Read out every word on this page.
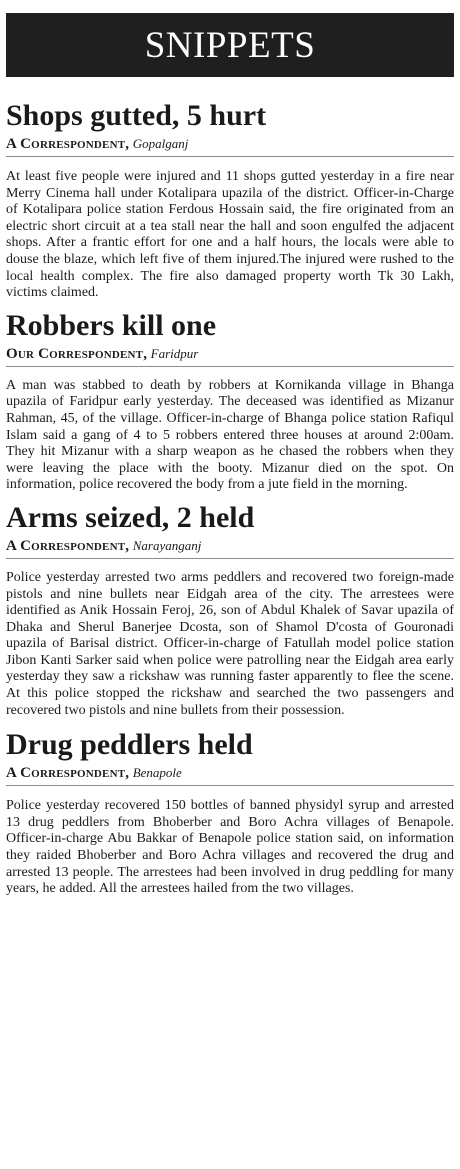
SNIPPETS
Shops gutted, 5 hurt

A Correspondent, Gopalganj

At least five people were injured and 11 shops gutted yesterday in a fire near Merry Cinema hall under Kotalipara upazila of the district. Officer-in-Charge of Kotalipara police station Ferdous Hossain said, the fire originated from an electric short circuit at a tea stall near the hall and soon engulfed the adjacent shops. After a frantic effort for one and a half hours, the locals were able to douse the blaze, which left five of them injured.The injured were rushed to the local health complex. The fire also damaged property worth Tk 30 Lakh, victims claimed.

Robbers kill one

Our Correspondent, Faridpur

A man was stabbed to death by robbers at Kornikanda village in Bhanga upazila of Faridpur early yesterday. The deceased was identified as Mizanur Rahman, 45, of the village. Officer-in-charge of Bhanga police station Rafiqul Islam said a gang of 4 to 5 robbers entered three houses at around 2:00am. They hit Mizanur with a sharp weapon as he chased the robbers when they were leaving the place with the booty. Mizanur died on the spot. On information, police recovered the body from a jute field in the morning.

Arms seized, 2 held

A Correspondent, Narayanganj

Police yesterday arrested two arms peddlers and recovered two foreign-made pistols and nine bullets near Eidgah area of the city. The arrestees were identified as Anik Hossain Feroj, 26, son of Abdul Khalek of Savar upazila of Dhaka and Sherul Banerjee Dcosta, son of Shamol D'costa of Gouronadi upazila of Barisal district. Officer-in-charge of Fatullah model police station Jibon Kanti Sarker said when police were patrolling near the Eidgah area early yesterday they saw a rickshaw was running faster apparently to flee the scene. At this police stopped the rickshaw and searched the two passengers and recovered two pistols and nine bullets from their possession.

Drug peddlers held

A Correspondent, Benapole

Police yesterday recovered 150 bottles of banned physidyl syrup and arrested 13 drug peddlers from Bhoberber and Boro Achra villages of Benapole. Officer-in-charge Abu Bakkar of Benapole police station said, on information they raided Bhoberber and Boro Achra villages and recovered the drug and arrested 13 people. The arrestees had been involved in drug peddling for many years, he added. All the arrestees hailed from the two villages.
